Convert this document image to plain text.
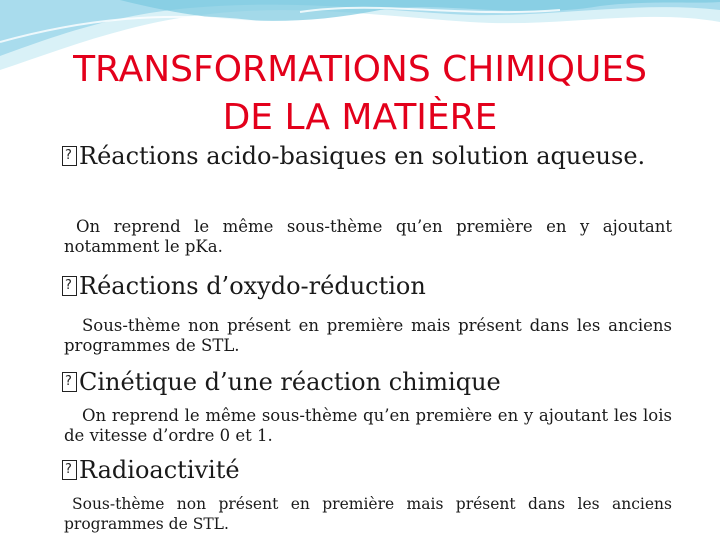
TRANSFORMATIONS CHIMIQUES
DE LA MATIÈRE
Réactions acido-basiques en solution aqueuse.
On reprend le même sous-thème qu’en première en y ajoutant notamment le pKa.
Réactions d’oxydo-réduction
Sous-thème non présent en première mais présent dans les anciens programmes de STL.
Cinétique d’une réaction chimique
On reprend le même sous-thème qu’en première en y ajoutant les lois de vitesse d’ordre 0 et 1.
Radioactivité
Sous-thème non présent en première mais présent dans les anciens programmes de STL.
